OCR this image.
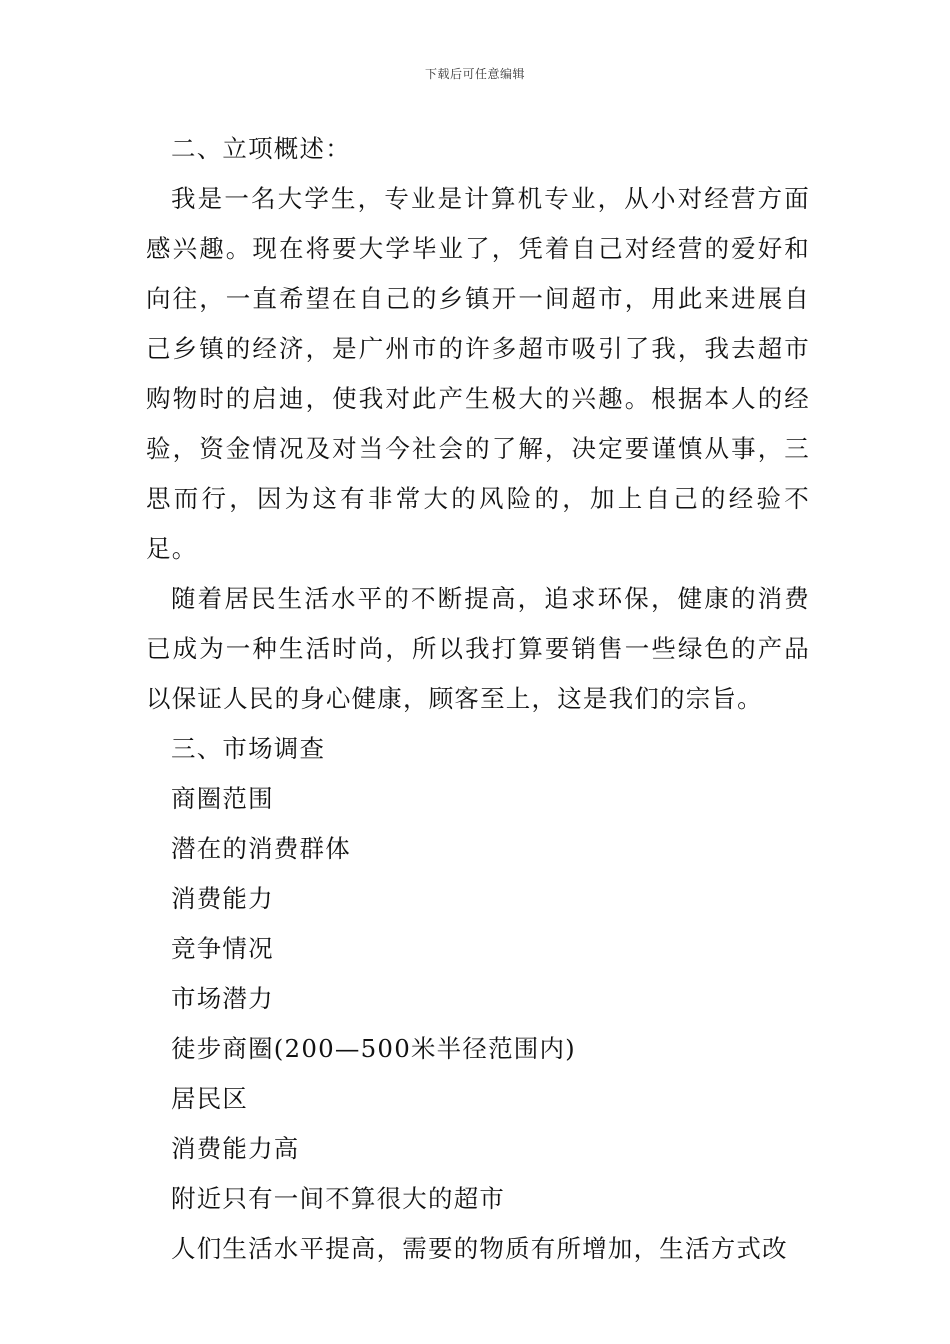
下载后可任意编辑

二、立项概述：

我是一名大学生，专业是计算机专业，从小对经营方面感兴趣。现在将要大学毕业了，凭着自己对经营的爱好和向往，一直希望在自己的乡镇开一间超市，用此来进展自己乡镇的经济，是广州市的许多超市吸引了我，我去超市购物时的启迪，使我对此产生极大的兴趣。根据本人的经验，资金情况及对当今社会的了解，决定要谨慎从事，三思而行，因为这有非常大的风险的，加上自己的经验不足。

随着居民生活水平的不断提高，追求环保，健康的消费已成为一种生活时尚，所以我打算要销售一些绿色的产品以保证人民的身心健康，顾客至上，这是我们的宗旨。

三、市场调查

商圈范围

潜在的消费群体

消费能力

竞争情况

市场潜力

徒步商圈(200—500米半径范围内)

居民区

消费能力高

附近只有一间不算很大的超市

人们生活水平提高，需要的物质有所增加，生活方式改
